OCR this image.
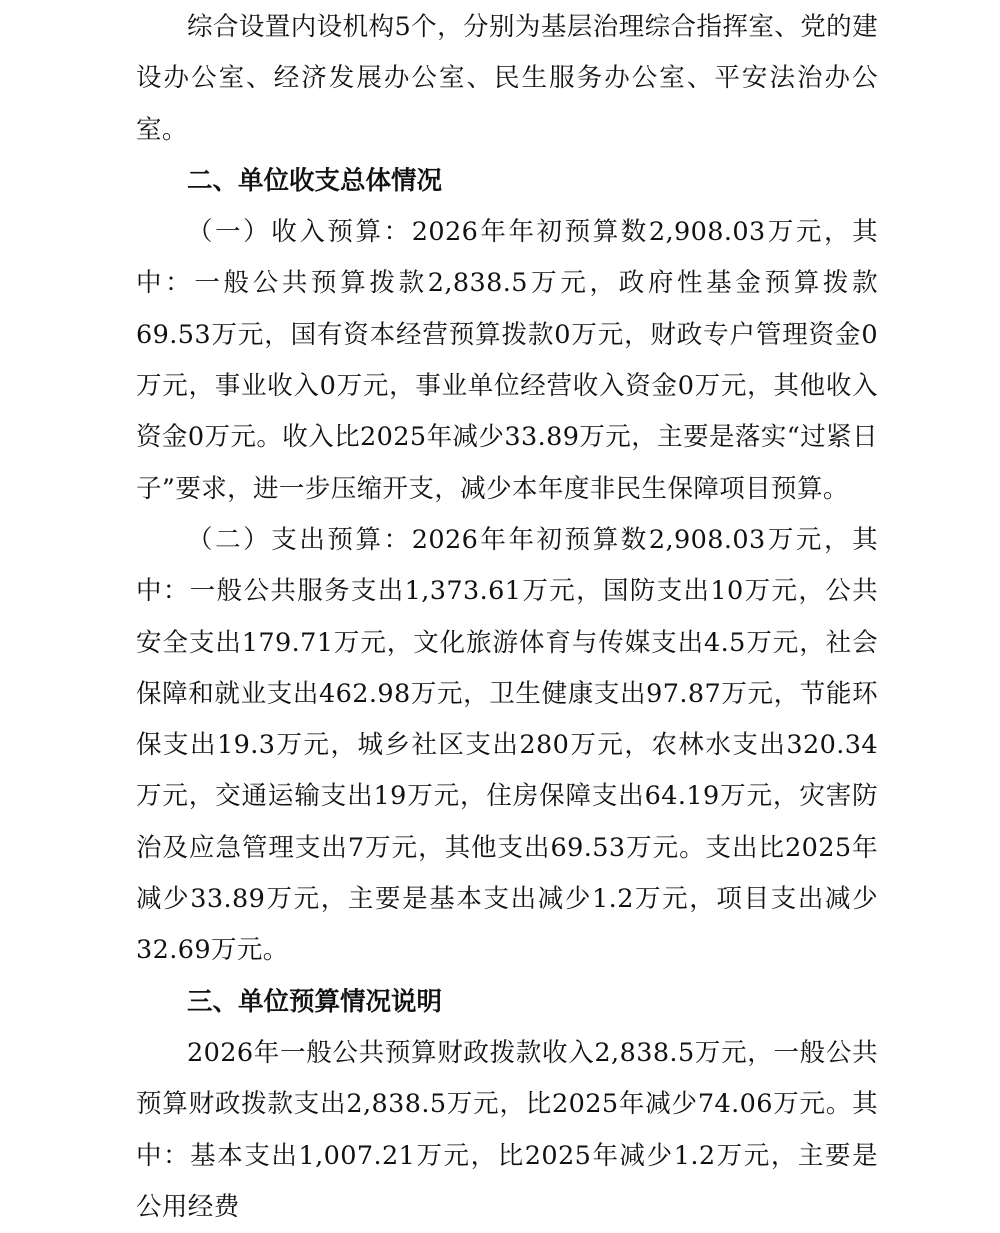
综合设置内设机构5个，分别为基层治理综合指挥室、党的建设办公室、经济发展办公室、民生服务办公室、平安法治办公室。

二、单位收支总体情况

（一）收入预算：2026年年初预算数2,908.03万元，其中：一般公共预算拨款2,838.5万元，政府性基金预算拨款69.53万元，国有资本经营预算拨款0万元，财政专户管理资金0万元，事业收入0万元，事业单位经营收入资金0万元，其他收入资金0万元。收入比2025年减少33.89万元，主要是落实“过紧日子”要求，进一步压缩开支，减少本年度非民生保障项目预算。

（二）支出预算：2026年年初预算数2,908.03万元，其中：一般公共服务支出1,373.61万元，国防支出10万元，公共安全支出179.71万元，文化旅游体育与传媒支出4.5万元，社会保障和就业支出462.98万元，卫生健康支出97.87万元，节能环保支出19.3万元，城乡社区支出280万元，农林水支出320.34万元，交通运输支出19万元，住房保障支出64.19万元，灾害防治及应急管理支出7万元，其他支出69.53万元。支出比2025年减少33.89万元，主要是基本支出减少1.2万元，项目支出减少32.69万元。

三、单位预算情况说明

2026年一般公共预算财政拨款收入2,838.5万元，一般公共预算财政拨款支出2,838.5万元，比2025年减少74.06万元。其中：基本支出1,007.21万元，比2025年减少1.2万元，主要是公用经费
